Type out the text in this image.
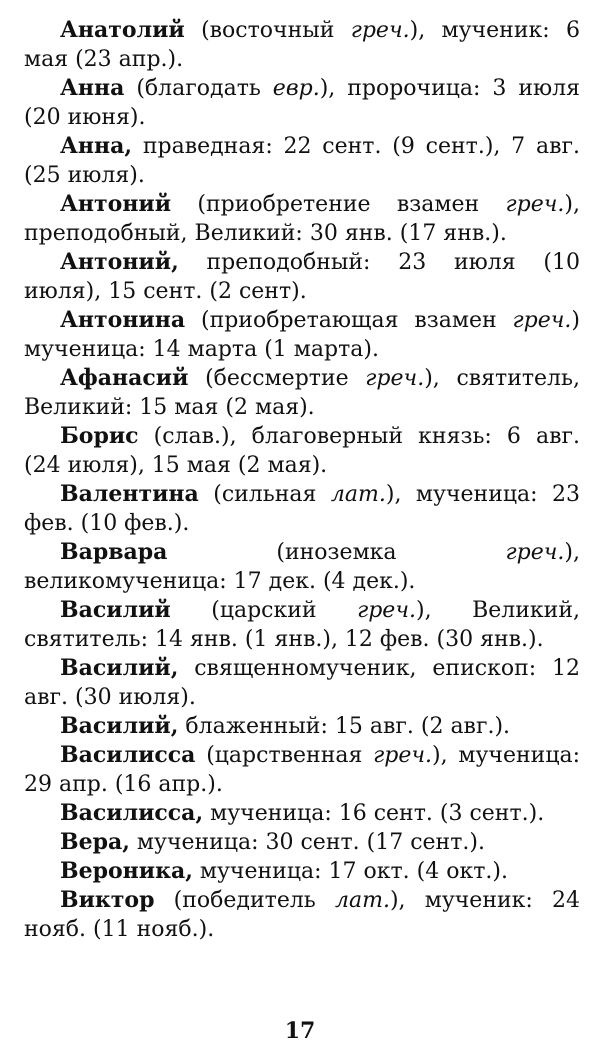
Анатолий (восточный греч.), мученик: 6 мая (23 апр.).

Анна (благодать евр.), пророчица: 3 июля (20 июня).

Анна, праведная: 22 сент. (9 сент.), 7 авг. (25 июля).

Антоний (приобретение взамен греч.), преподобный, Великий: 30 янв. (17 янв.).

Антоний, преподобный: 23 июля (10 июля), 15 сент. (2 сент).

Антонина (приобретающая взамен греч.) мученица: 14 марта (1 марта).

Афанасий (бессмертие греч.), святитель, Великий: 15 мая (2 мая).

Борис (слав.), благоверный князь: 6 авг. (24 июля), 15 мая (2 мая).

Валентина (сильная лат.), мученица: 23 фев. (10 фев.).

Варвара (иноземка греч.), великомученица: 17 дек. (4 дек.).

Василий (царский греч.), Великий, святитель: 14 янв. (1 янв.), 12 фев. (30 янв.).

Василий, священномученик, епископ: 12 авг. (30 июля).

Василий, блаженный: 15 авг. (2 авг.).

Василисса (царственная греч.), мученица: 29 апр. (16 апр.).

Василисса, мученица: 16 сент. (3 сент.).

Вера, мученица: 30 сент. (17 сент.).

Вероника, мученица: 17 окт. (4 окт.).

Виктор (победитель лат.), мученик: 24 нояб. (11 нояб.).

17
